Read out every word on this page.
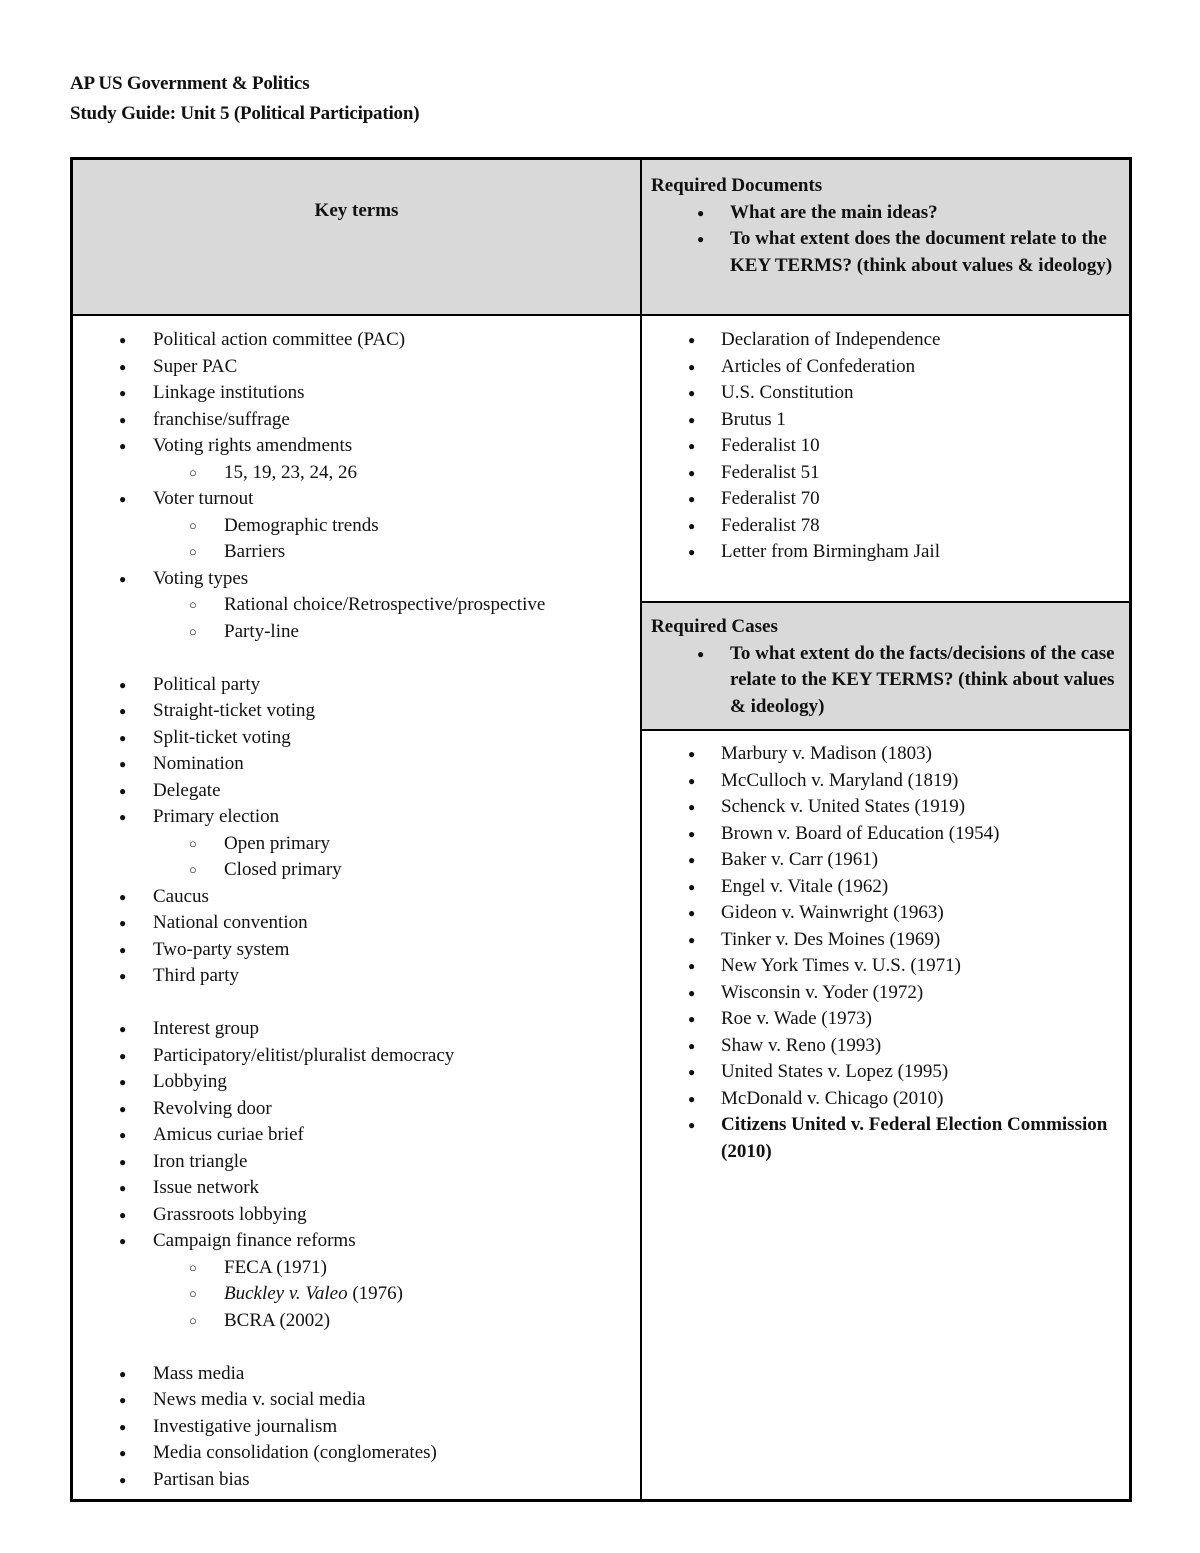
AP US Government & Politics
Study Guide: Unit 5 (Political Participation)
Key terms
Required Documents
● What are the main ideas?
● To what extent does the document relate to the KEY TERMS? (think about values & ideology)
● Political action committee (PAC)
● Super PAC
● Linkage institutions
● franchise/suffrage
● Voting rights amendments
○ 15, 19, 23, 24, 26
● Voter turnout
○ Demographic trends
○ Barriers
● Voting types
○ Rational choice/Retrospective/prospective
○ Party-line
● Political party
● Straight-ticket voting
● Split-ticket voting
● Nomination
● Delegate
● Primary election
○ Open primary
○ Closed primary
● Caucus
● National convention
● Two-party system
● Third party
● Interest group
● Participatory/elitist/pluralist democracy
● Lobbying
● Revolving door
● Amicus curiae brief
● Iron triangle
● Issue network
● Grassroots lobbying
● Campaign finance reforms
○ FECA (1971)
○ Buckley v. Valeo (1976)
○ BCRA (2002)
● Mass media
● News media v. social media
● Investigative journalism
● Media consolidation (conglomerates)
● Partisan bias
● Declaration of Independence
● Articles of Confederation
● U.S. Constitution
● Brutus 1
● Federalist 10
● Federalist 51
● Federalist 70
● Federalist 78
● Letter from Birmingham Jail
Required Cases
● To what extent do the facts/decisions of the case relate to the KEY TERMS? (think about values & ideology)
● Marbury v. Madison (1803)
● McCulloch v. Maryland (1819)
● Schenck v. United States (1919)
● Brown v. Board of Education (1954)
● Baker v. Carr (1961)
● Engel v. Vitale (1962)
● Gideon v. Wainwright (1963)
● Tinker v. Des Moines (1969)
● New York Times v. U.S. (1971)
● Wisconsin v. Yoder (1972)
● Roe v. Wade (1973)
● Shaw v. Reno (1993)
● United States v. Lopez (1995)
● McDonald v. Chicago (2010)
● Citizens United v. Federal Election Commission (2010)
